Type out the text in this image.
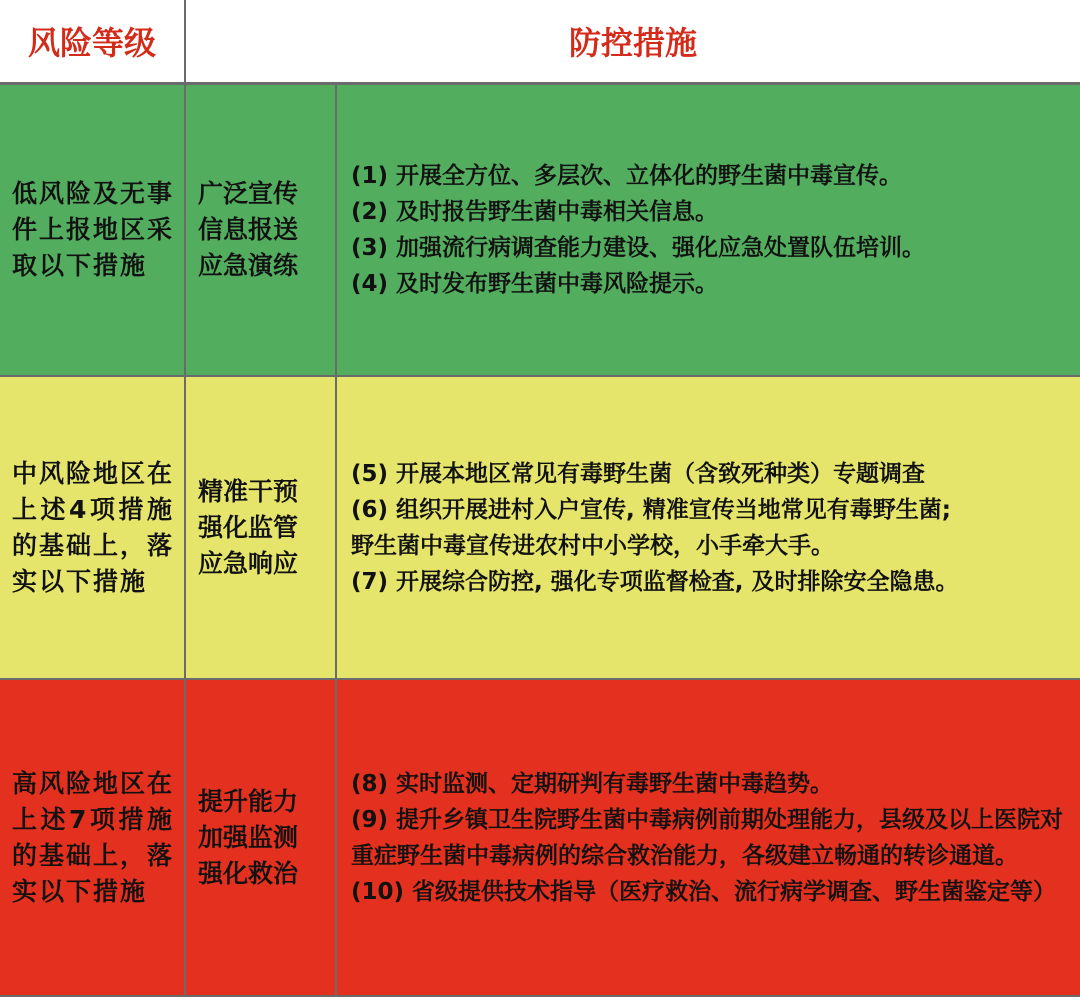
风险等级	防控措施
低风险及无事件上报地区采取以下措施
广泛宣传
信息报送
应急演练
(1) 开展全方位、多层次、立体化的野生菌中毒宣传。
(2) 及时报告野生菌中毒相关信息。
(3) 加强流行病调查能力建设、强化应急处置队伍培训。
(4) 及时发布野生菌中毒风险提示。
中风险地区在上述4项措施的基础上，落实以下措施
精准干预
强化监管
应急响应
(5) 开展本地区常见有毒野生菌（含致死种类）专题调查
(6) 组织开展进村入户宣传, 精准宣传当地常见有毒野生菌;
野生菌中毒宣传进农村中小学校，小手牵大手。
(7) 开展综合防控, 强化专项监督检查, 及时排除安全隐患。
高风险地区在上述7项措施的基础上，落实以下措施
提升能力
加强监测
强化救治
(8) 实时监测、定期研判有毒野生菌中毒趋势。
(9) 提升乡镇卫生院野生菌中毒病例前期处理能力，县级及以上医院对重症野生菌中毒病例的综合救治能力，各级建立畅通的转诊通道。
(10) 省级提供技术指导（医疗救治、流行病学调查、野生菌鉴定等）
